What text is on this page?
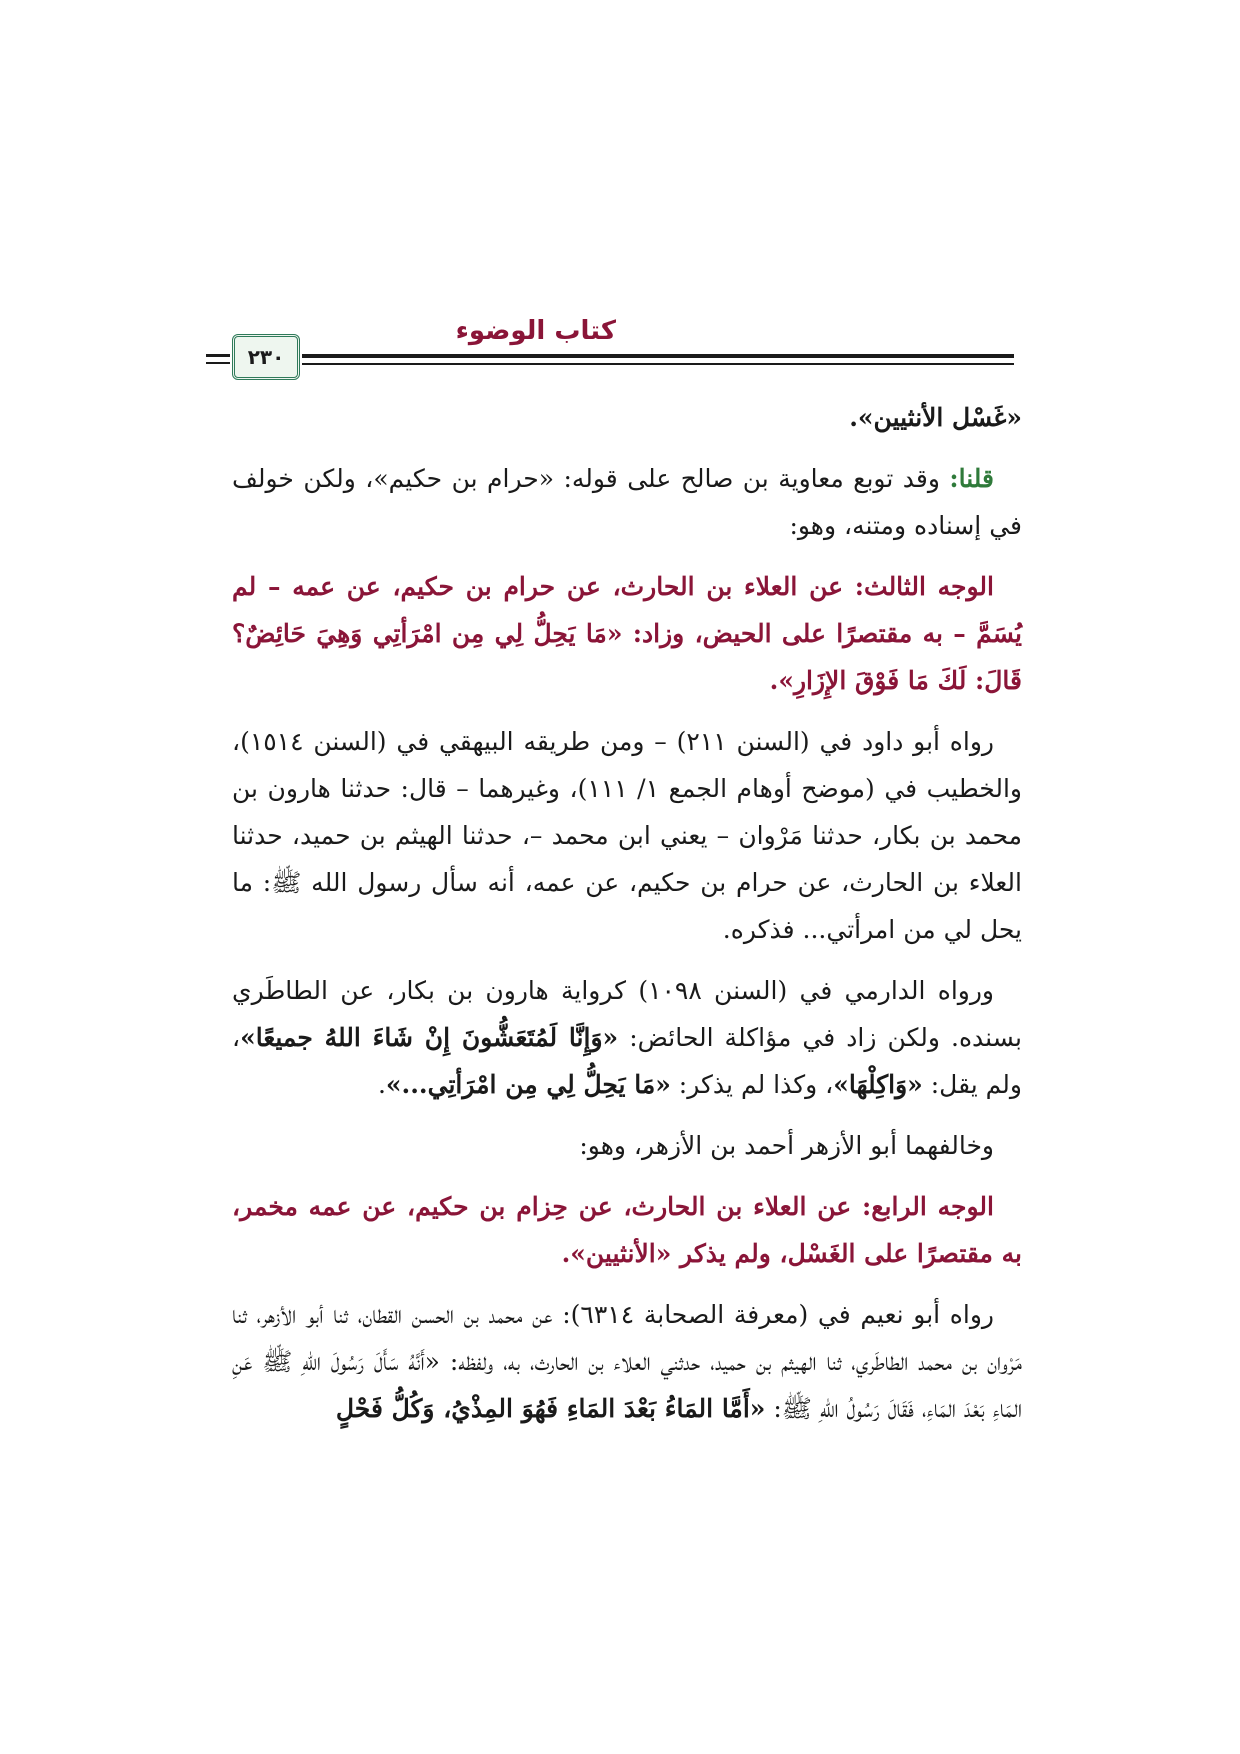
كتاب الوضوء
٢٣٠

«غَسْل الأنثيين».

قلنا: وقد توبع معاوية بن صالح على قوله: «حرام بن حكيم»، ولكن خولف في إسناده ومتنه، وهو:

الوجه الثالث: عن العلاء بن الحارث، عن حرام بن حكيم، عن عمه – لم يُسَمَّ – به مقتصرًا على الحيض، وزاد: «مَا يَحِلُّ لِي مِن امْرَأتِي وَهِيَ حَائِضٌ؟ قَالَ: لَكَ مَا فَوْقَ الإِزَارِ».

رواه أبو داود في (السنن ٢١١) – ومن طريقه البيهقي في (السنن ١٥١٤)، والخطيب في (موضح أوهام الجمع ١/ ١١١)، وغيرهما – قال: حدثنا هارون بن محمد بن بكار، حدثنا مَرْوان – يعني ابن محمد –، حدثنا الهيثم بن حميد، حدثنا العلاء بن الحارث، عن حرام بن حكيم، عن عمه، أنه سأل رسول الله ﷺ: ما يحل لي من امرأتي... فذكره.

ورواه الدارمي في (السنن ١٠٩٨) كرواية هارون بن بكار، عن الطاطَري بسنده. ولكن زاد في مؤاكلة الحائض: «وَإِنَّا لَمُتَعَشُّونَ إِنْ شَاءَ اللهُ جميعًا»، ولم يقل: «وَاكِلْهَا»، وكذا لم يذكر: «مَا يَحِلُّ لِي مِن امْرَأتِي...».

وخالفهما أبو الأزهر أحمد بن الأزهر، وهو:

الوجه الرابع: عن العلاء بن الحارث، عن حِزام بن حكيم، عن عمه مخمر، به مقتصرًا على الغَسْل، ولم يذكر «الأنثيين».

رواه أبو نعيم في (معرفة الصحابة ٦٣١٤): عن محمد بن الحسن القطان، ثنا أبو الأزهر، ثنا مَرْوان بن محمد الطاطَري، ثنا الهيثم بن حميد، حدثني العلاء بن الحارث، به، ولفظه: «أَنَّهُ سَأَلَ رَسُولَ اللهِ ﷺ عَنِ المَاءِ بَعْدَ المَاءِ، فَقَالَ رَسُولُ اللهِ ﷺ: «أَمَّا المَاءُ بَعْدَ المَاءِ فَهُوَ المِذْيُ، وَكُلُّ فَحْلٍ
